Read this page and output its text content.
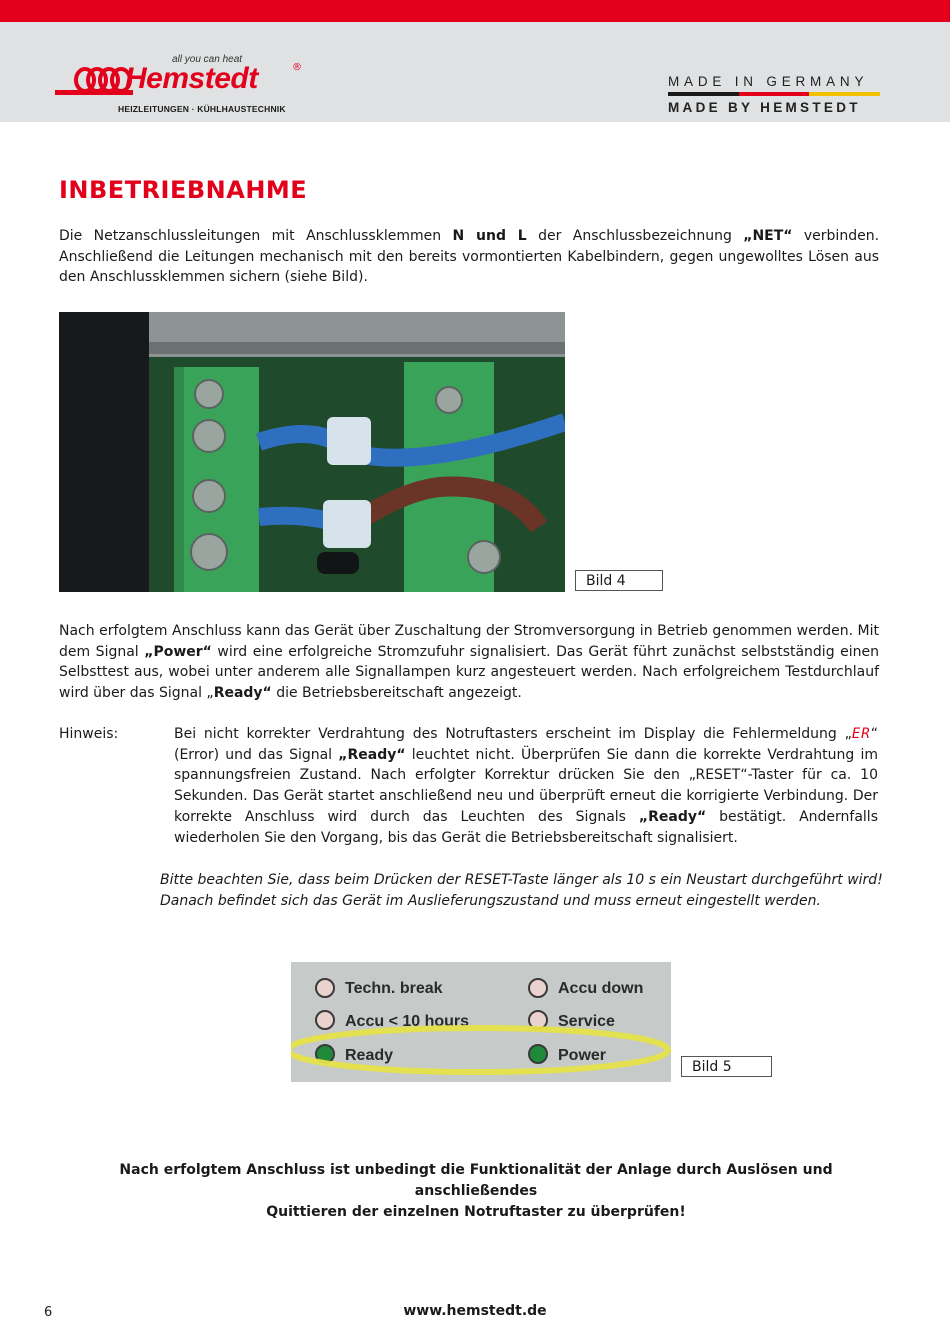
all you can heat
Hemstedt	®
HEIZLEITUNGEN · KÜHLHAUSTECHNIK
MADE IN GERMANY
MADE BY HEMSTEDT
INBETRIEBNAHME

Die Netzanschlussleitungen mit Anschlussklemmen N und L der Anschlussbezeichnung „NET“ verbinden. Anschließend die Leitungen mechanisch mit den bereits vormontierten Kabelbindern, gegen ungewolltes Lösen aus den Anschlussklemmen sichern (siehe Bild).

Bild 4

Nach erfolgtem Anschluss kann das Gerät über Zuschaltung der Stromversorgung in Betrieb genommen werden. Mit dem Signal „Power“ wird eine erfolgreiche Stromzufuhr signalisiert. Das Gerät führt zunächst selbstständig einen Selbsttest aus, wobei unter anderem alle Signallampen kurz angesteuert werden. Nach erfolgreichem Testdurchlauf wird über das Signal „Ready“ die Betriebsbereitschaft angezeigt.

Hinweis:	Bei nicht korrekter Verdrahtung des Notruftasters erscheint im Display die Fehlermeldung „ER“ (Error) und das Signal „Ready“ leuchtet nicht. Überprüfen Sie dann die korrekte Verdrahtung im spannungsfreien Zustand. Nach erfolgter Korrektur drücken Sie den „RESET“-Taster für ca. 10 Sekunden. Das Gerät startet anschließend neu und überprüft erneut die korrigierte Verbindung. Der korrekte Anschluss wird durch das Leuchten des Signals „Ready“ bestätigt. Andernfalls wiederholen Sie den Vorgang, bis das Gerät die Betriebsbereitschaft signalisiert.

Bitte beachten Sie, dass beim Drücken der RESET-Taste länger als 10 s ein Neustart durchgeführt wird!
Danach befindet sich das Gerät im Auslieferungszustand und muss erneut eingestellt werden.
Techn. break	Accu down
Accu < 10 hours	Service
Ready	Power
Bild 5
Nach erfolgtem Anschluss ist unbedingt die Funktionalität der Anlage durch Auslösen und anschließendes
Quittieren der einzelnen Notruftaster zu überprüfen!
6	www.hemstedt.de
